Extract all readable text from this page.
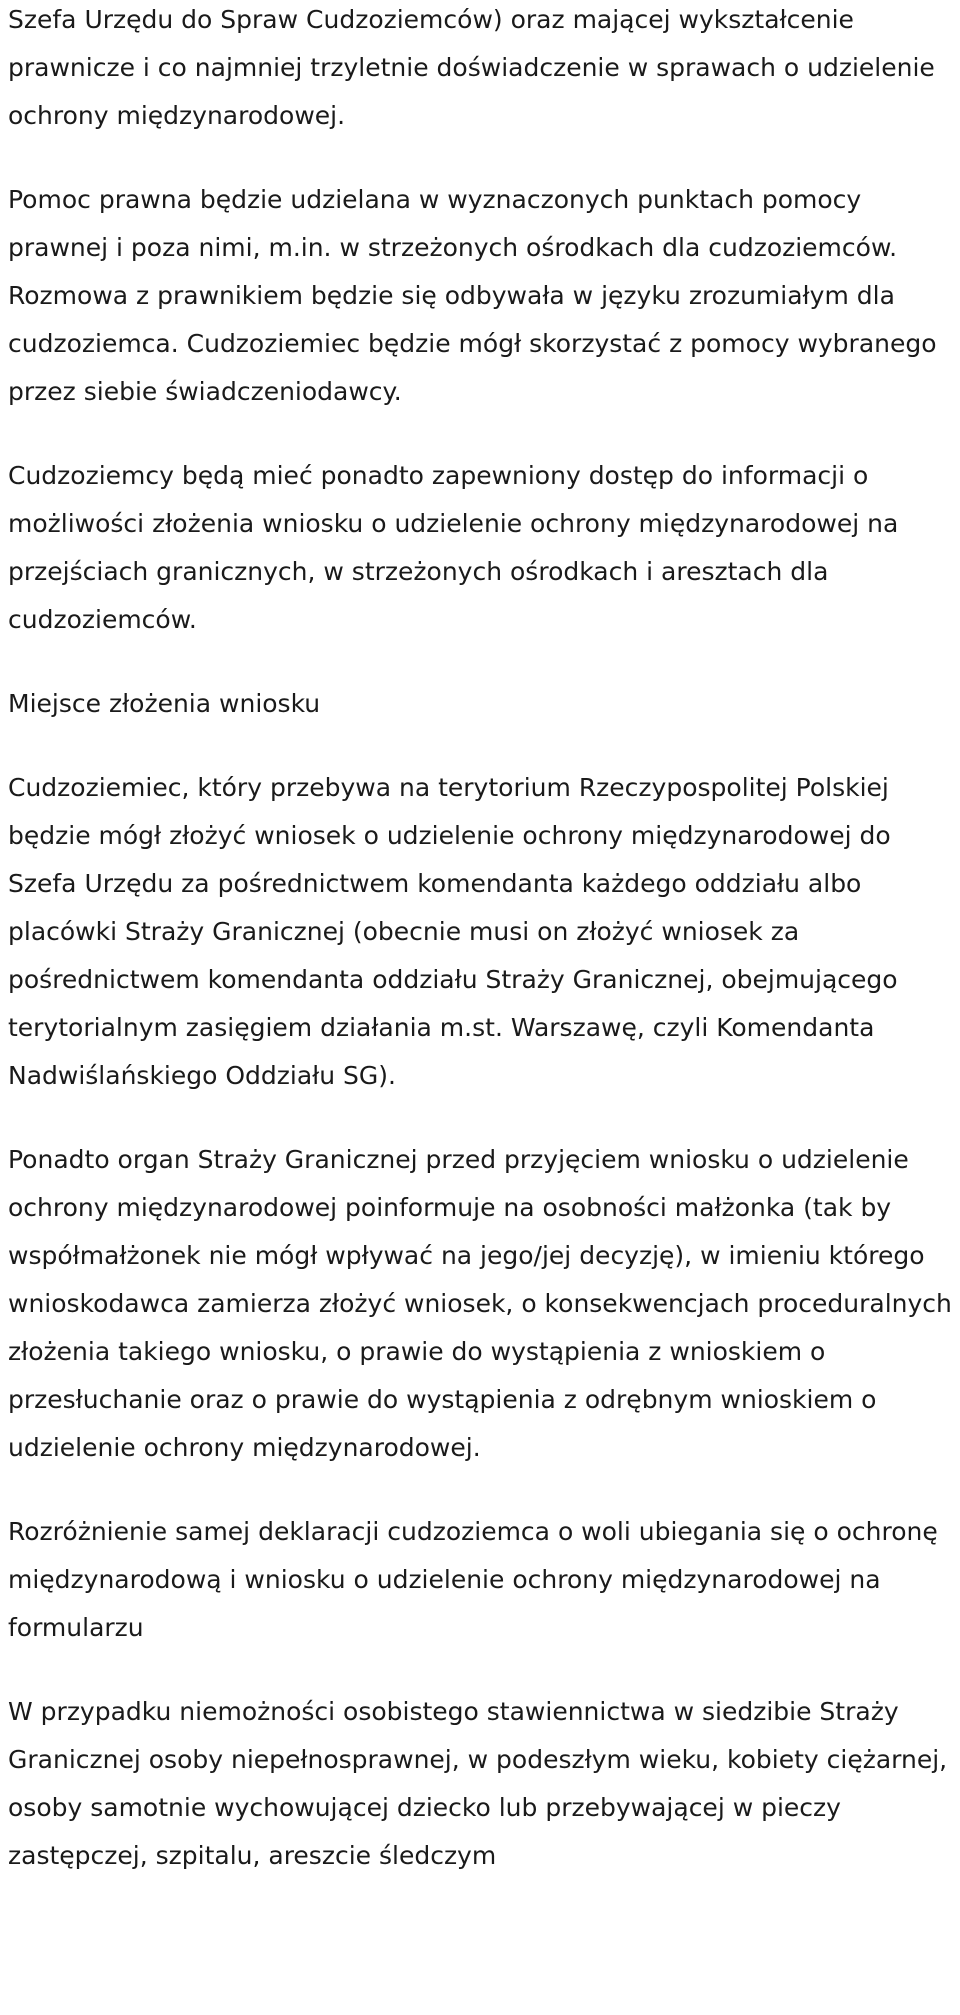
Szefa Urzędu do Spraw Cudzoziemców) oraz mającej wykształcenie prawnicze i co najmniej trzyletnie doświadczenie w sprawach o udzielenie ochrony międzynarodowej.

Pomoc prawna będzie udzielana w wyznaczonych punktach pomocy prawnej i poza nimi, m.in. w strzeżonych ośrodkach dla cudzoziemców. Rozmowa z prawnikiem będzie się odbywała w języku zrozumiałym dla cudzoziemca. Cudzoziemiec będzie mógł skorzystać z pomocy wybranego przez siebie świadczeniodawcy.

Cudzoziemcy będą mieć ponadto zapewniony dostęp do informacji o możliwości złożenia wniosku o udzielenie ochrony międzynarodowej na przejściach granicznych, w strzeżonych ośrodkach i aresztach dla cudzoziemców.

Miejsce złożenia wniosku

Cudzoziemiec, który przebywa na terytorium Rzeczypospolitej Polskiej będzie mógł złożyć wniosek o udzielenie ochrony międzynarodowej do Szefa Urzędu za pośrednictwem komendanta każdego oddziału albo placówki Straży Granicznej (obecnie musi on złożyć wniosek za pośrednictwem komendanta oddziału Straży Granicznej, obejmującego terytorialnym zasięgiem działania m.st. Warszawę, czyli Komendanta Nadwiślańskiego Oddziału SG).

Ponadto organ Straży Granicznej przed przyjęciem wniosku o udzielenie ochrony międzynarodowej poinformuje na osobności małżonka (tak by współmałżonek nie mógł wpływać na jego/jej decyzję), w imieniu którego wnioskodawca zamierza złożyć wniosek, o konsekwencjach proceduralnych złożenia takiego wniosku, o prawie do wystąpienia z wnioskiem o przesłuchanie oraz o prawie do wystąpienia z odrębnym wnioskiem o udzielenie ochrony międzynarodowej.

Rozróżnienie samej deklaracji cudzoziemca o woli ubiegania się o ochronę międzynarodową i wniosku o udzielenie ochrony międzynarodowej na formularzu

W przypadku niemożności osobistego stawiennictwa w siedzibie Straży Granicznej osoby niepełnosprawnej, w podeszłym wieku, kobiety ciężarnej, osoby samotnie wychowującej dziecko lub przebywającej w pieczy zastępczej, szpitalu, areszcie śledczym
